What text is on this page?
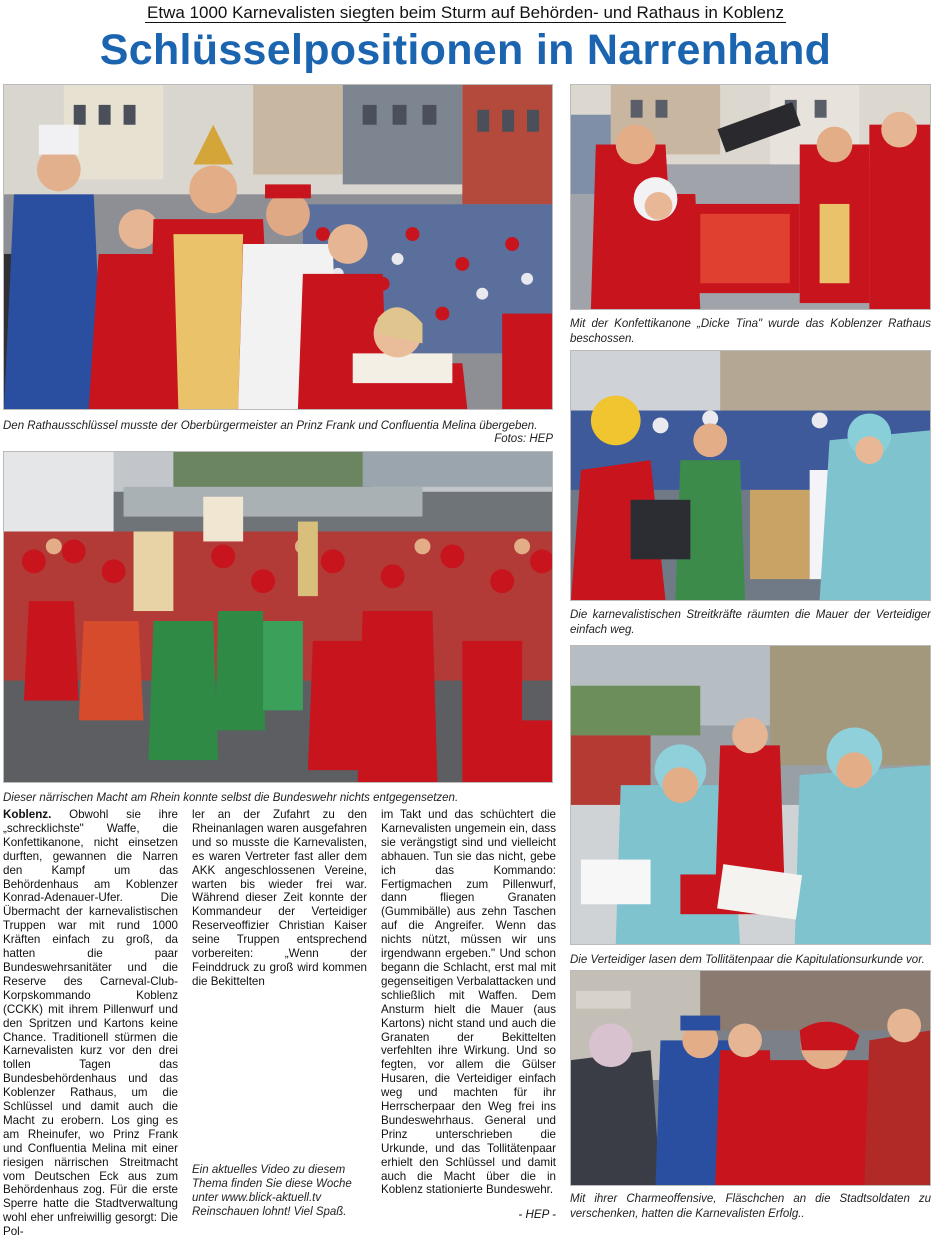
Etwa 1000 Karnevalisten siegten beim Sturm auf Behörden- und Rathaus in Koblenz
Schlüsselpositionen in Narrenhand
Den Rathausschlüssel musste der Oberbürgermeister an Prinz Frank und Confluentia Melina übergeben.
Fotos: HEP
Mit der Konfettikanone „Dicke Tina" wurde das Koblenzer Rathaus beschossen.
Die karnevalistischen Streitkräfte räumten die Mauer der Verteidiger einfach weg.
Dieser närrischen Macht am Rhein konnte selbst die Bundeswehr nichts entgegensetzen.
Die Verteidiger lasen dem Tollitätenpaar die Kapitulationsurkunde vor.
Mit ihrer Charmeoffensive, Fläschchen an die Stadtsoldaten zu verschenken, hatten die Karnevalisten Erfolg..

Koblenz. Obwohl sie ihre „schrecklichste" Waffe, die Konfettikanone, nicht einsetzen durften, gewannen die Narren den Kampf um das Behördenhaus am Koblenzer Konrad-Adenauer-Ufer. Die Übermacht der karnevalistischen Truppen war mit rund 1000 Kräften einfach zu groß, da hatten die paar Bundeswehrsanitäter und die Reserve des Carneval-Club-Korpskommando Koblenz (CCKK) mit ihrem Pillenwurf und den Spritzen und Kartons keine Chance. Traditionell stürmen die Karnevalisten kurz vor den drei tollen Tagen das Bundesbehördenhaus und das Koblenzer Rathaus, um die Schlüssel und damit auch die Macht zu erobern. Los ging es am Rheinufer, wo Prinz Frank und Confluentia Melina mit einer riesigen närrischen Streitmacht vom Deutschen Eck aus zum Behördenhaus zog. Für die erste Sperre hatte die Stadtverwaltung wohl eher unfreiwillig gesorgt: Die Pol-

ler an der Zufahrt zu den Rheinanlagen waren ausgefahren und so musste die Karnevalisten, es waren Vertreter fast aller dem AKK angeschlossenen Vereine, warten bis wieder frei war. Während dieser Zeit konnte der Kommandeur der Verteidiger Reserveoffizier Christian Kaiser seine Truppen entsprechend vorbereiten: „Wenn der Feinddruck zu groß wird kommen die Bekittelten

Ein aktuelles Video zu diesem Thema finden Sie diese Woche unter www.blick-aktuell.tv Reinschauen lohnt! Viel Spaß.

im Takt und das schüchtert die Karnevalisten ungemein ein, dass sie verängstigt sind und vielleicht abhauen. Tun sie das nicht, gebe ich das Kommando: Fertigmachen zum Pillenwurf, dann fliegen Granaten (Gummibälle) aus zehn Taschen auf die Angreifer. Wenn das nichts nützt, müssen wir uns irgendwann ergeben." Und schon begann die Schlacht, erst mal mit gegenseitigen Verbalattacken und schließlich mit Waffen. Dem Ansturm hielt die Mauer (aus Kartons) nicht stand und auch die Granaten der Bekittelten verfehlten ihre Wirkung. Und so fegten, vor allem die Gülser Husaren, die Verteidiger einfach weg und machten für ihr Herrscherpaar den Weg frei ins Bundeswehrhaus. General und Prinz unterschrieben die Urkunde, und das Tollitätenpaar erhielt den Schlüssel und damit auch die Macht über die in Koblenz stationierte Bundeswehr.

- HEP -
